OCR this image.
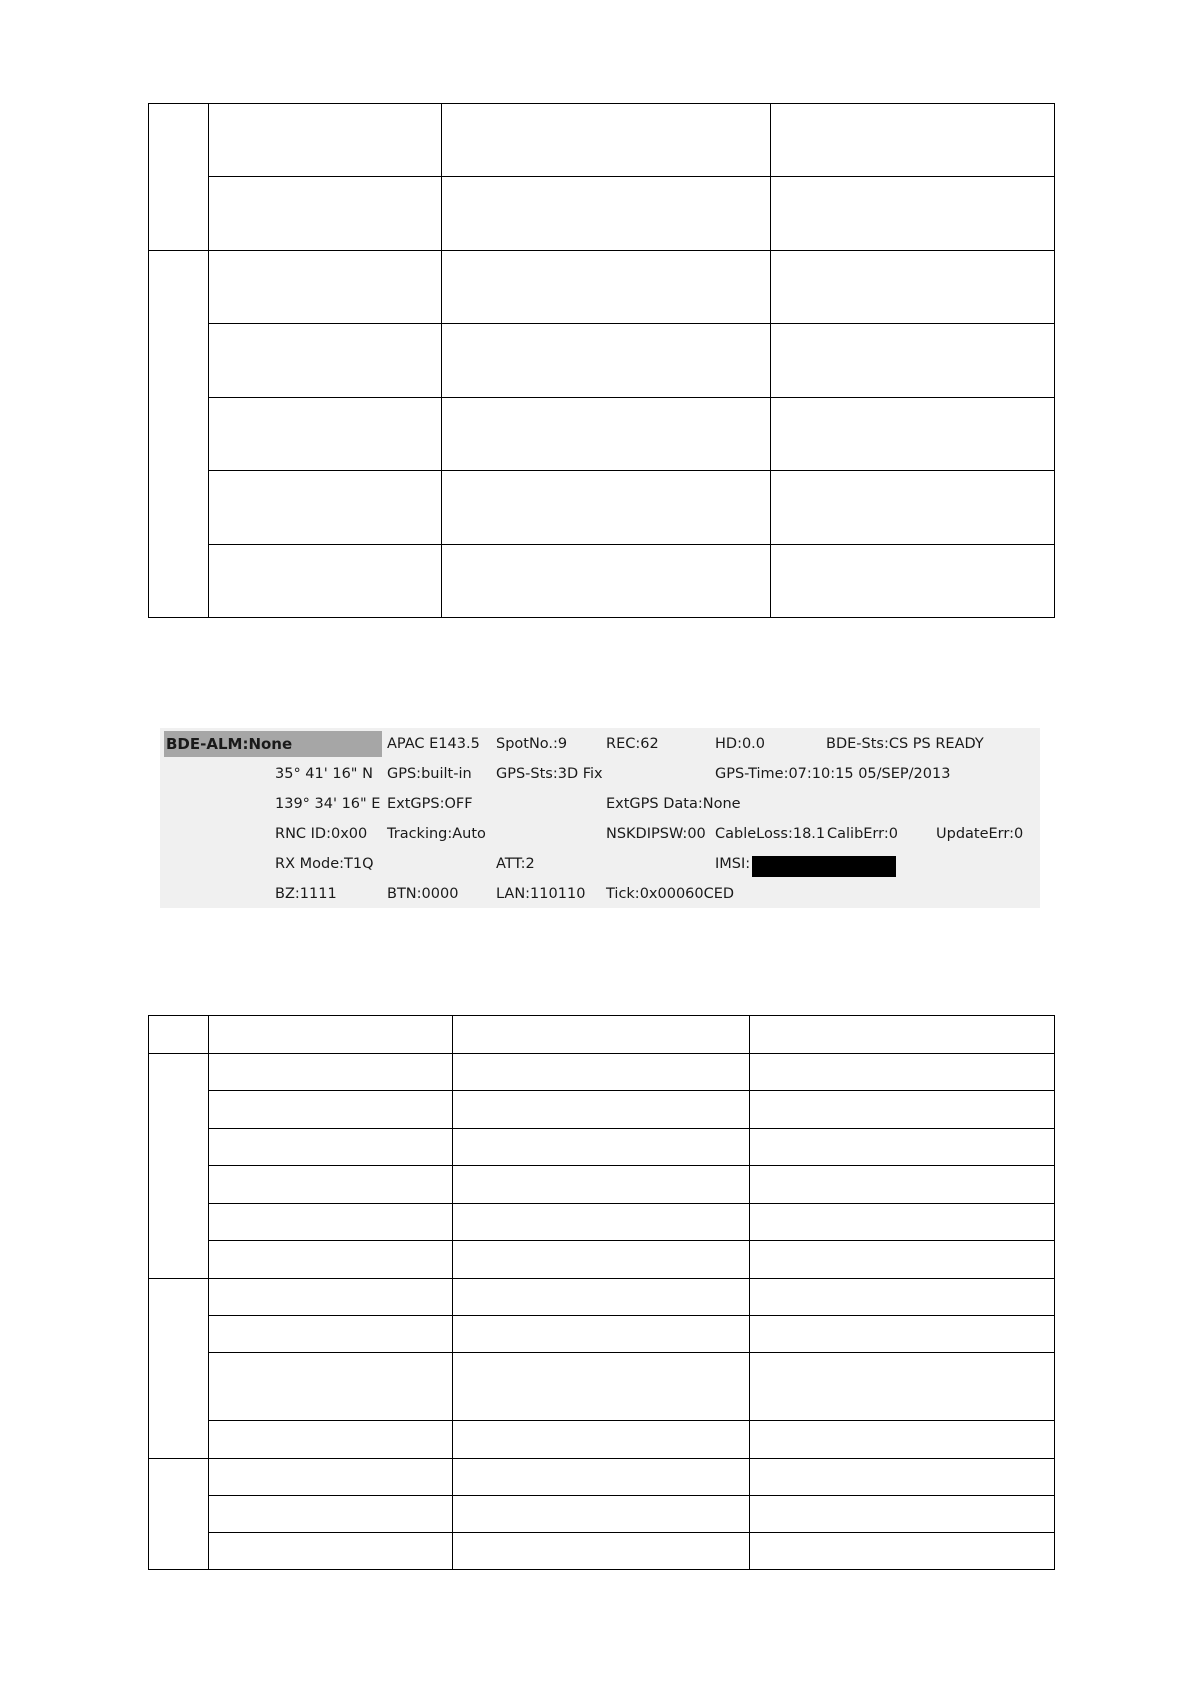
BDE-ALM:None	APAC E143.5 SpotNo.:9	REC:62	HD:0.0	BDE-Sts:CS PS READY
35° 41' 16" N GPS:built-in GPS-Sts:3D Fix	GPS-Time:07:10:15 05/SEP/2013
139° 34' 16" E ExtGPS:OFF	ExtGPS Data:None
RNC ID:0x00 Tracking:Auto	NSKDIPSW:00 CableLoss:18.1 CalibErr:0	UpdateErr:0
RX Mode:T1Q	ATT:2	IMSI:
BZ:1111	BTN:0000	LAN:110110 Tick:0x00060CED
